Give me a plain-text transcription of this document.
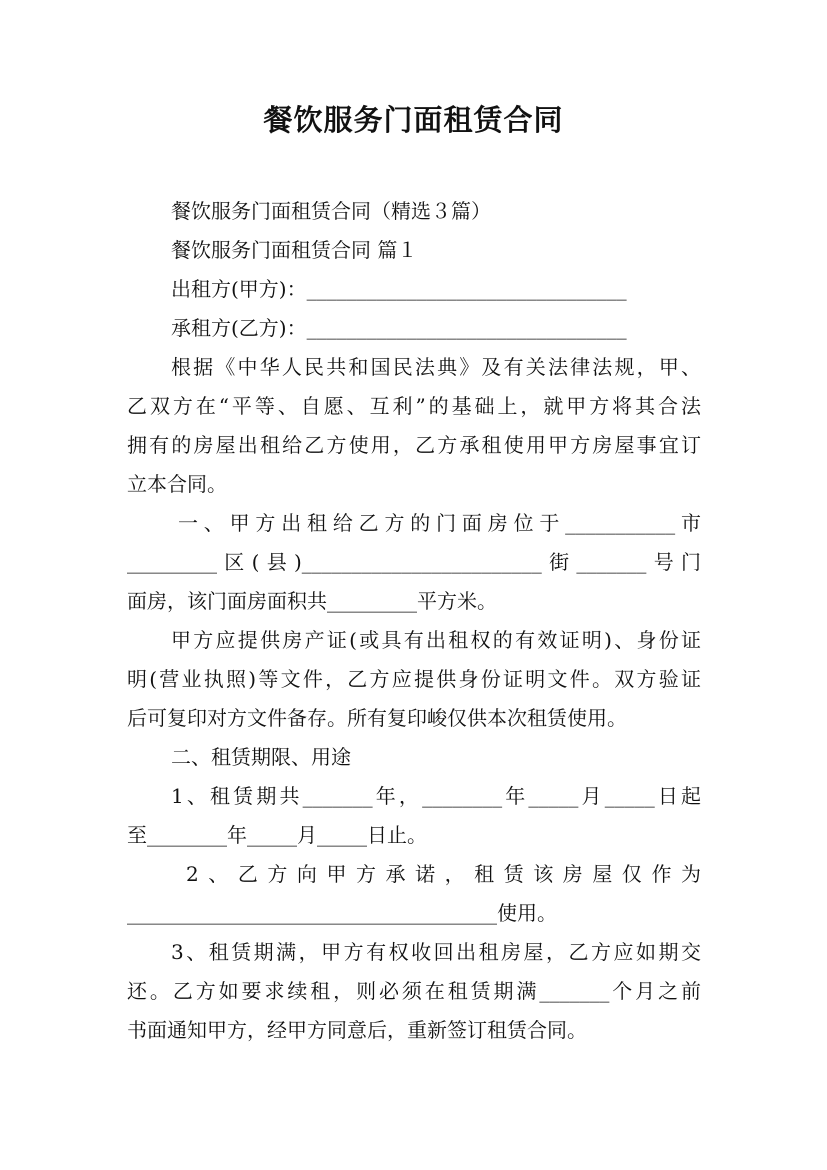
餐饮服务门面租赁合同
餐饮服务门面租赁合同（精选３篇）
餐饮服务门面租赁合同 篇１
出租方(甲方)：________________________________
承租方(乙方)：________________________________
根据《中华人民共和国民法典》及有关法律法规，甲、
乙双方在“平等、自愿、互利”的基础上，就甲方将其合法
拥有的房屋出租给乙方使用，乙方承租使用甲方房屋事宜订
立本合同。
一、甲方出租给乙方的门面房位于___________市
_________区(县)________________________街_______号门
面房，该门面房面积共_________平方米。
甲方应提供房产证(或具有出租权的有效证明)、身份证
明(营业执照)等文件，乙方应提供身份证明文件。双方验证
后可复印对方文件备存。所有复印峻仅供本次租赁使用。
二、租赁期限、用途
1、租赁期共_______年，________年_____月_____日起
至________年_____月_____日止。
2、乙方向甲方承诺，租赁该房屋仅作为
_____________________________________使用。
3、租赁期满，甲方有权收回出租房屋，乙方应如期交
还。乙方如要求续租，则必须在租赁期满_______个月之前
书面通知甲方，经甲方同意后，重新签订租赁合同。
